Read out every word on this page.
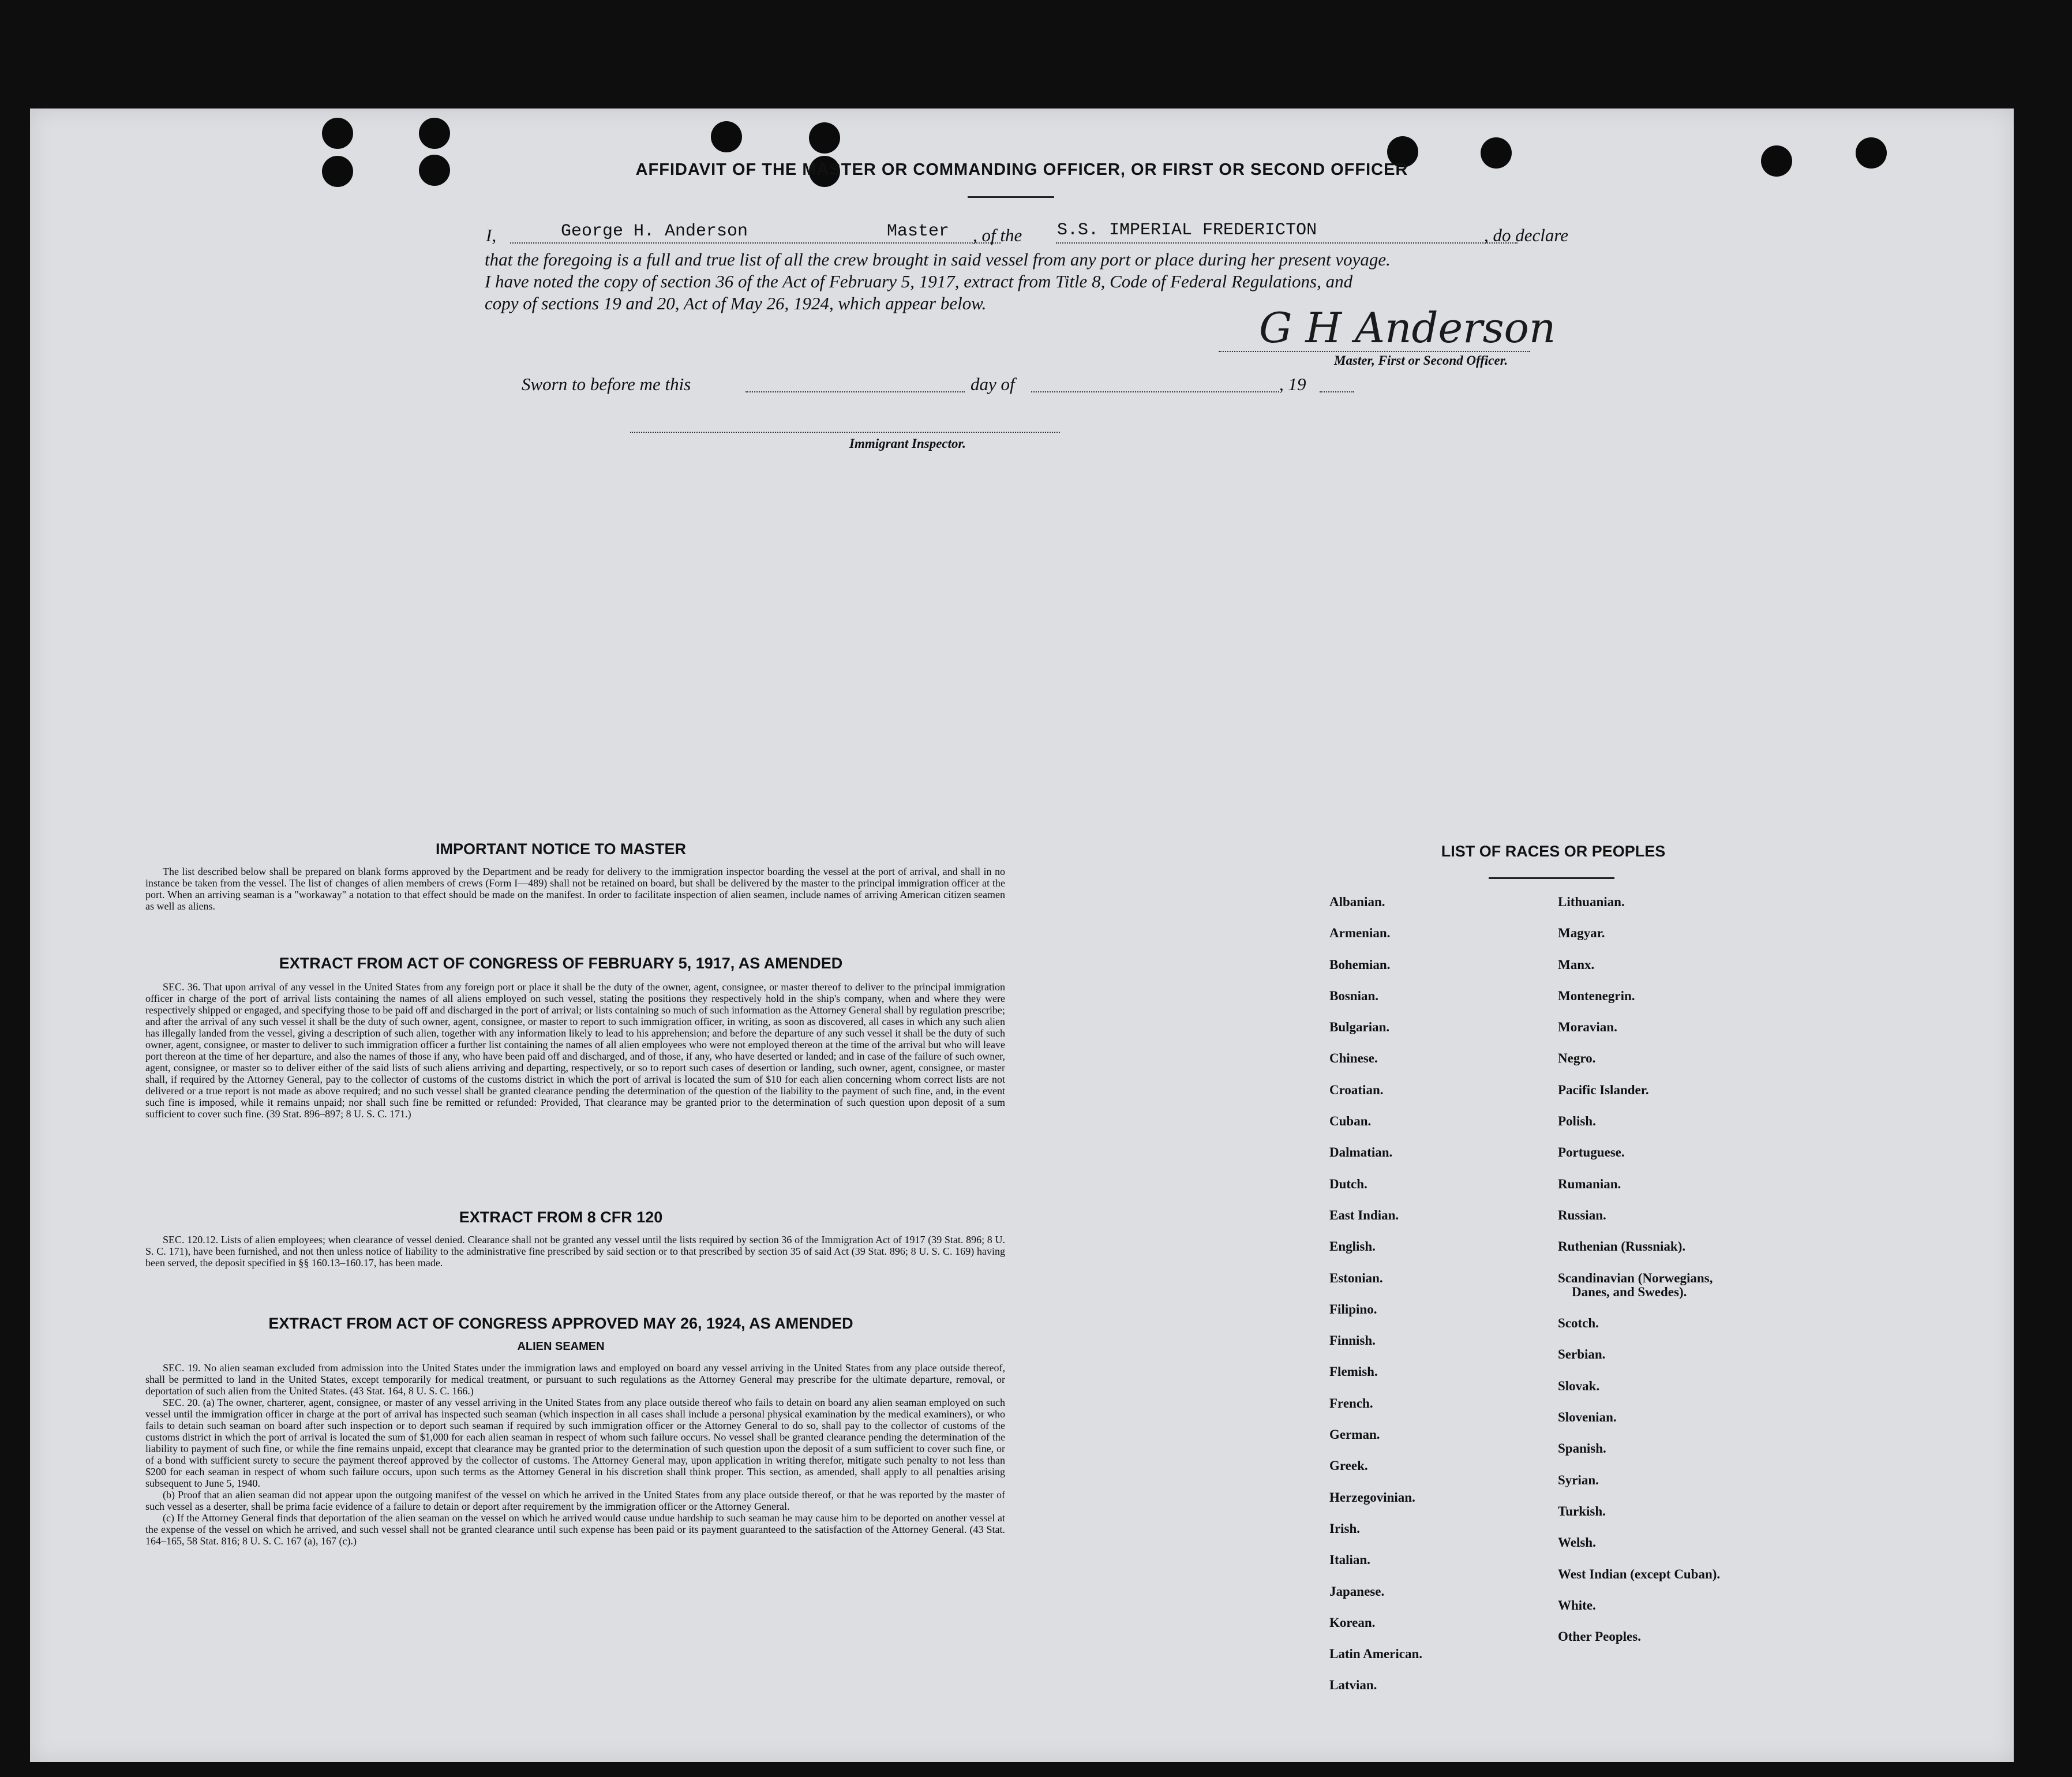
AFFIDAVIT OF THE MASTER OR COMMANDING OFFICER, OR FIRST OR SECOND OFFICER
I,	George H. Anderson	Master , of the S.S. IMPERIAL FREDERICTON	, do declare
that the foregoing is a full and true list of all the crew brought in said vessel from any port or place during her present voyage.
I have noted the copy of section 36 of the Act of February 5, 1917, extract from Title 8, Code of Federal Regulations, and
copy of sections 19 and 20, Act of May 26, 1924, which appear below.
G H Anderson
Master, First or Second Officer.
Sworn to before me this	day of	, 19
Immigrant Inspector.
IMPORTANT NOTICE TO MASTER

The list described below shall be prepared on blank forms approved by the Department and be ready for delivery to the immigration inspector boarding the vessel at the port of arrival, and shall in no instance be taken from the vessel. The list of changes of alien members of crews (Form I—489) shall not be retained on board, but shall be delivered by the master to the principal immigration officer at the port. When an arriving seaman is a "workaway" a notation to that effect should be made on the manifest. In order to facilitate inspection of alien seamen, include names of arriving American citizen seamen as well as aliens.

EXTRACT FROM ACT OF CONGRESS OF FEBRUARY 5, 1917, AS AMENDED

SEC. 36. That upon arrival of any vessel in the United States from any foreign port or place it shall be the duty of the owner, agent, consignee, or master thereof to deliver to the principal immigration officer in charge of the port of arrival lists containing the names of all aliens employed on such vessel, stating the positions they respectively hold in the ship's company, when and where they were respectively shipped or engaged, and specifying those to be paid off and discharged in the port of arrival; or lists containing so much of such information as the Attorney General shall by regulation prescribe; and after the arrival of any such vessel it shall be the duty of such owner, agent, consignee, or master to report to such immigration officer, in writing, as soon as discovered, all cases in which any such alien has illegally landed from the vessel, giving a description of such alien, together with any information likely to lead to his apprehension; and before the departure of any such vessel it shall be the duty of such owner, agent, consignee, or master to deliver to such immigration officer a further list containing the names of all alien employees who were not employed thereon at the time of the arrival but who will leave port thereon at the time of her departure, and also the names of those if any, who have been paid off and discharged, and of those, if any, who have deserted or landed; and in case of the failure of such owner, agent, consignee, or master so to deliver either of the said lists of such aliens arriving and departing, respectively, or so to report such cases of desertion or landing, such owner, agent, consignee, or master shall, if required by the Attorney General, pay to the collector of customs of the customs district in which the port of arrival is located the sum of $10 for each alien concerning whom correct lists are not delivered or a true report is not made as above required; and no such vessel shall be granted clearance pending the determination of the question of the liability to the payment of such fine, and, in the event such fine is imposed, while it remains unpaid; nor shall such fine be remitted or refunded: Provided, That clearance may be granted prior to the determination of such question upon deposit of a sum sufficient to cover such fine. (39 Stat. 896–897; 8 U. S. C. 171.)

EXTRACT FROM 8 CFR 120

SEC. 120.12. Lists of alien employees; when clearance of vessel denied. Clearance shall not be granted any vessel until the lists required by section 36 of the Immigration Act of 1917 (39 Stat. 896; 8 U. S. C. 171), have been furnished, and not then unless notice of liability to the administrative fine prescribed by said section or to that prescribed by section 35 of said Act (39 Stat. 896; 8 U. S. C. 169) having been served, the deposit specified in §§ 160.13–160.17, has been made.

EXTRACT FROM ACT OF CONGRESS APPROVED MAY 26, 1924, AS AMENDED
ALIEN SEAMEN

SEC. 19. No alien seaman excluded from admission into the United States under the immigration laws and employed on board any vessel arriving in the United States from any place outside thereof, shall be permitted to land in the United States, except temporarily for medical treatment, or pursuant to such regulations as the Attorney General may prescribe for the ultimate departure, removal, or deportation of such alien from the United States. (43 Stat. 164, 8 U. S. C. 166.)

SEC. 20. (a) The owner, charterer, agent, consignee, or master of any vessel arriving in the United States from any place outside thereof who fails to detain on board any alien seaman employed on such vessel until the immigration officer in charge at the port of arrival has inspected such seaman (which inspection in all cases shall include a personal physical examination by the medical examiners), or who fails to detain such seaman on board after such inspection or to deport such seaman if required by such immigration officer or the Attorney General to do so, shall pay to the collector of customs of the customs district in which the port of arrival is located the sum of $1,000 for each alien seaman in respect of whom such failure occurs. No vessel shall be granted clearance pending the determination of the liability to payment of such fine, or while the fine remains unpaid, except that clearance may be granted prior to the determination of such question upon the deposit of a sum sufficient to cover such fine, or of a bond with sufficient surety to secure the payment thereof approved by the collector of customs. The Attorney General may, upon application in writing therefor, mitigate such penalty to not less than $200 for each seaman in respect of whom such failure occurs, upon such terms as the Attorney General in his discretion shall think proper. This section, as amended, shall apply to all penalties arising subsequent to June 5, 1940.

(b) Proof that an alien seaman did not appear upon the outgoing manifest of the vessel on which he arrived in the United States from any place outside thereof, or that he was reported by the master of such vessel as a deserter, shall be prima facie evidence of a failure to detain or deport after requirement by the immigration officer or the Attorney General.

(c) If the Attorney General finds that deportation of the alien seaman on the vessel on which he arrived would cause undue hardship to such seaman he may cause him to be deported on another vessel at the expense of the vessel on which he arrived, and such vessel shall not be granted clearance until such expense has been paid or its payment guaranteed to the satisfaction of the Attorney General. (43 Stat. 164–165, 58 Stat. 816; 8 U. S. C. 167 (a), 167 (c).)

LIST OF RACES OR PEOPLES
Albanian.
Armenian.
Bohemian.
Bosnian.
Bulgarian.
Chinese.
Croatian.
Cuban.
Dalmatian.
Dutch.
East Indian.
English.
Estonian.
Filipino.
Finnish.
Flemish.
French.
German.
Greek.
Herzegovinian.
Irish.
Italian.
Japanese.
Korean.
Latin American.
Latvian.
Lithuanian.
Magyar.
Manx.
Montenegrin.
Moravian.
Negro.
Pacific Islander.
Polish.
Portuguese.
Rumanian.
Russian.
Ruthenian (Russniak).
Scandinavian (Norwegians,
Danes, and Swedes).
Scotch.
Serbian.
Slovak.
Slovenian.
Spanish.
Syrian.
Turkish.
Welsh.
West Indian (except Cuban).
White.
Other Peoples.
